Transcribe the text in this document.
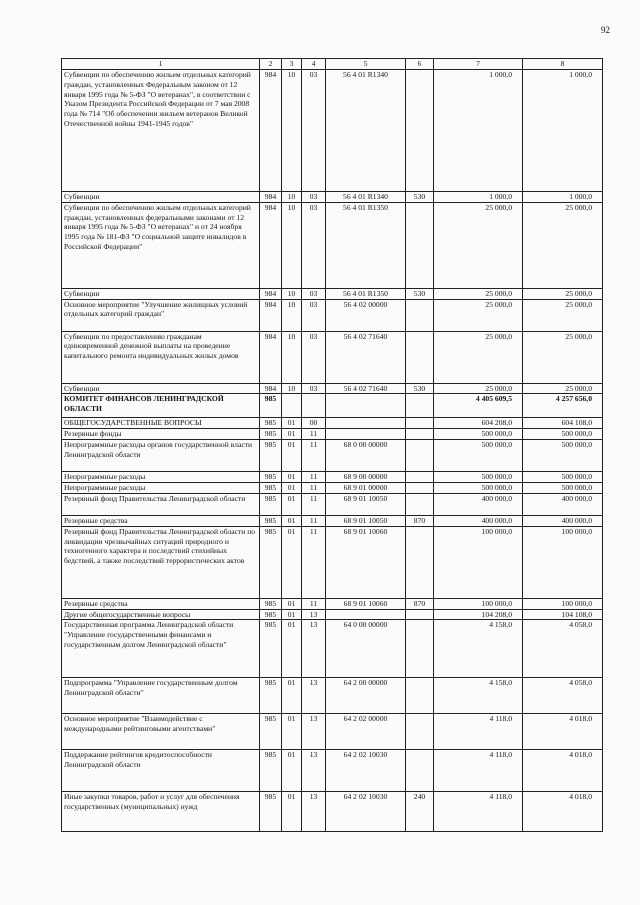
92
1	2	3	4	5	6	7	8
Субвенции по обеспечению жильем отдельных категорий граждан, установленных Федеральным законом от 12 января 1995 года № 5-ФЗ "О ветеранах", в соответствии с Указом Президента Российской Федерации от 7 мая 2008 года № 714 "Об обеспечении жильем ветеранов Великой Отечественной войны 1941-1945 годов"	984	10	03	56 4 01 R1340		1 000,0	1 000,0
Субвенции	984	10	03	56 4 01 R1340	530	1 000,0	1 000,0
Субвенции по обеспечению жильем отдельных категорий граждан, установленных федеральными законами от 12 января 1995 года № 5-ФЗ "О ветеранах" и от 24 ноября 1995 года № 181-ФЗ "О социальной защите инвалидов в Российской Федерации"	984	10	03	56 4 01 R1350		25 000,0	25 000,0
Субвенции	984	10	03	56 4 01 R1350	530	25 000,0	25 000,0
Основное мероприятие "Улучшение жилищных условий отдельных категорий граждан"	984	10	03	56 4 02 00000		25 000,0	25 000,0
Субвенции по предоставлению гражданам единовременной денежной выплаты на проведение капитального ремонта индивидуальных жилых домов	984	10	03	56 4 02 71640		25 000,0	25 000,0
Субвенции	984	10	03	56 4 02 71640	530	25 000,0	25 000,0
КОМИТЕТ ФИНАНСОВ ЛЕНИНГРАДСКОЙ ОБЛАСТИ	985					4 405 609,5	4 257 656,0
ОБЩЕГОСУДАРСТВЕННЫЕ ВОПРОСЫ	985	01	00			604 208,0	604 108,0
Резервные фонды	985	01	11			500 000,0	500 000,0
Непрограммные расходы органов государственной власти Ленинградской области	985	01	11	68 0 00 00000		500 000,0	500 000,0
Непрограммные расходы	985	01	11	68 9 00 00000		500 000,0	500 000,0
Непрограммные расходы	985	01	11	68 9 01 00000		500 000,0	500 000,0
Резервный фонд Правительства Ленинградской области	985	01	11	68 9 01 10050		400 000,0	400 000,0
Резервные средства	985	01	11	68 9 01 10050	870	400 000,0	400 000,0
Резервный фонд Правительства Ленинградской области по ликвидации чрезвычайных ситуаций природного и техногенного характера и последствий стихийных бедствий, а также последствий террористических актов	985	01	11	68 9 01 10060		100 000,0	100 000,0
Резервные средства	985	01	11	68 9 01 10060	870	100 000,0	100 000,0
Другие общегосударственные вопросы	985	01	13			104 208,0	104 108,0
Государственная программа Ленинградской области "Управление государственными финансами и государственным долгом Ленинградской области"	985	01	13	64 0 00 00000		4 158,0	4 058,0
Подпрограмма "Управление государственным долгом Ленинградской области"	985	01	13	64 2 00 00000		4 158,0	4 058,0
Основное мероприятие "Взаимодействие с международными рейтинговыми агентствами"	985	01	13	64 2 02 00000		4 118,0	4 018,0
Поддержание рейтингов кредитоспособности Ленинградской области	985	01	13	64 2 02 10030		4 118,0	4 018,0
Иные закупки товаров, работ и услуг для обеспечения государственных (муниципальных) нужд	985	01	13	64 2 02 10030	240	4 118,0	4 018,0
